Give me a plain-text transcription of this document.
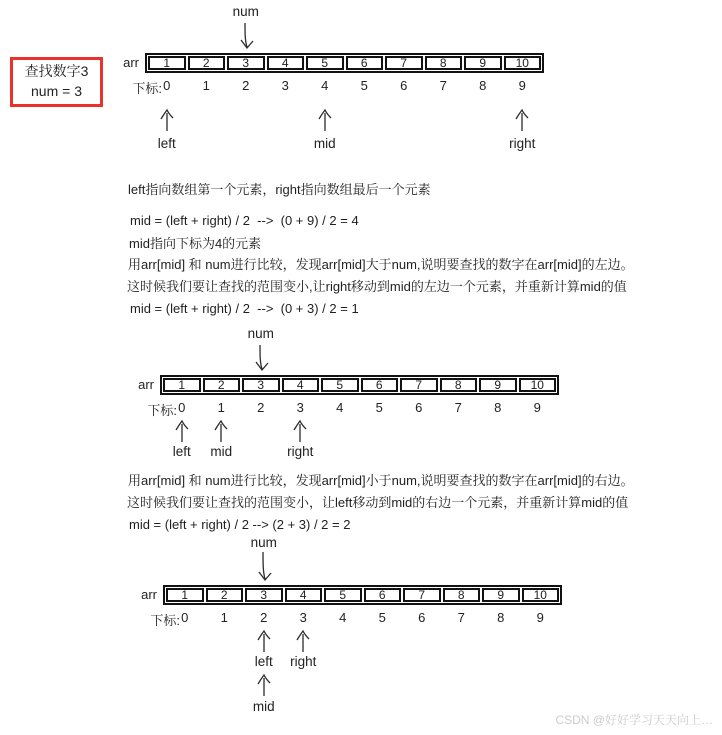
查找数字3
num = 3
num
arr	1	2	3	4	5	6	7	8	9	10
下标: 0	1	2	3	4	5	6	7	8	9
left	mid	right
num
arr	1	2	3	4	5	6	7	8	9	10
下标: 0	1	2	3	4	5	6	7	8	9
left	mid	right
num
arr	1	2	3	4	5	6	7	8	9	10
下标: 0	1	2	3	4	5	6	7	8	9
left	right
mid
left指向数组第一个元素，right指向数组最后一个元素
mid = (left + right) / 2  -->  (0 + 9) / 2 = 4
mid指向下标为4的元素
用arr[mid] 和 num进行比较，发现arr[mid]大于num,说明要查找的数字在arr[mid]的左边。
这时候我们要让查找的范围变小,让right移动到mid的左边一个元素，并重新计算mid的值
mid = (left + right) / 2  -->  (0 + 3) / 2 = 1
用arr[mid] 和 num进行比较，发现arr[mid]小于num,说明要查找的数字在arr[mid]的右边。
这时候我们要让查找的范围变小，让left移动到mid的右边一个元素，并重新计算mid的值
mid = (left + right) / 2 --> (2 + 3) / 2 = 2
CSDN @好好学习天天向上…
